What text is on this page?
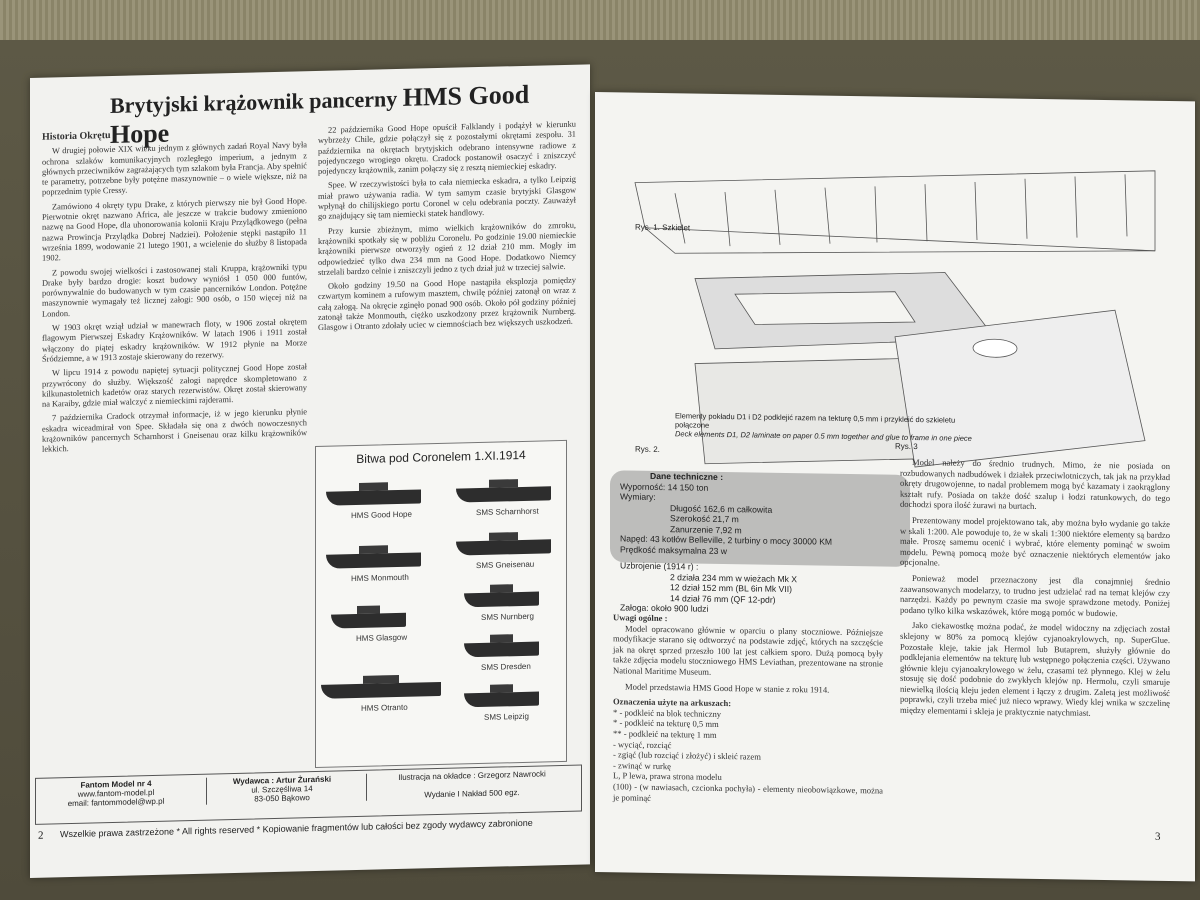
Brytyjski krążownik pancerny HMS Good Hope
Historia Okrętu

W drugiej połowie XIX wieku jednym z głównych zadań Royal Navy była ochrona szlaków komunikacyjnych rozległego imperium, a jednym z głównych przeciwników zagrażających tym szlakom była Francja. Aby spełnić te parametry, potrzebne były potężne maszynownie – o wiele większe, niż na poprzednim typie Cressy.

Zamówiono 4 okręty typu Drake, z których pierwszy nie był Good Hope. Pierwotnie okręt nazwano Africa, ale jeszcze w trakcie budowy zmieniono nazwę na Good Hope, dla uhonorowania kolonii Kraju Przylądkowego (pełna nazwa Prowincja Przylądka Dobrej Nadziei). Położenie stępki nastąpiło 11 września 1899, wodowanie 21 lutego 1901, a wcielenie do służby 8 listopada 1902.

Z powodu swojej wielkości i zastosowanej stali Kruppa, krążowniki typu Drake były bardzo drogie: koszt budowy wyniósł 1 050 000 funtów, porównywalnie do budowanych w tym czasie pancerników London. Potężne maszynownie wymagały też licznej załogi: 900 osób, o 150 więcej niż na London.

W 1903 okręt wziął udział w manewrach floty, w 1906 został okrętem flagowym Pierwszej Eskadry Krążowników. W latach 1906 i 1911 został włączony do piątej eskadry krążowników. W 1912 płynie na Morze Śródziemne, a w 1913 zostaje skierowany do rezerwy.

W lipcu 1914 z powodu napiętej sytuacji politycznej Good Hope został przywrócony do służby. Większość załogi naprędce skompletowano z kilkunastoletnich kadetów oraz starych rezerwistów. Okręt został skierowany na Karaiby, gdzie miał walczyć z niemieckimi rajderami.

7 października Cradock otrzymał informacje, iż w jego kierunku płynie eskadra wiceadmirał von Spee. Składała się ona z dwóch nowoczesnych krążowników pancernych Scharnhorst i Gneisenau oraz kilku krążowników lekkich.

22 października Good Hope opuścił Falklandy i podążył w kierunku wybrzeży Chile, gdzie połączył się z pozostałymi okrętami zespołu. 31 października na okrętach brytyjskich odebrano intensywne radiowe z pojedynczego wrogiego okrętu. Cradock postanowił osaczyć i zniszczyć pojedynczy krążownik, zanim połączy się z resztą niemieckiej eskadry.

Spee. W rzeczywistości była to cała niemiecka eskadra, a tylko Leipzig miał prawo używania radia. W tym samym czasie brytyjski Glasgow wpłynął do chilijskiego portu Coronel w celu odebrania poczty. Zauważył go znajdujący się tam niemiecki statek handlowy.

Przy kursie zbieżnym, mimo wielkich krążowników do zmroku, krążowniki spotkały się w pobliżu Coronelu. Po godzinie 19.00 niemieckie krążowniki pierwsze otworzyły ogień z 12 dział 210 mm. Mogły im odpowiedzieć tylko dwa 234 mm na Good Hope. Dodatkowo Niemcy strzelali bardzo celnie i zniszczyli jedno z tych dział już w trzeciej salwie.

Około godziny 19.50 na Good Hope nastąpiła eksplozja pomiędzy czwartym kominem a rufowym masztem, chwilę później zatonął on wraz z całą załogą. Na okręcie zginęło ponad 900 osób. Około pół godziny później zatonął także Monmouth, ciężko uszkodzony przez krążownik Nurnberg. Glasgow i Otranto zdołały uciec w ciemnościach bez większych uszkodzeń.

Bitwa pod Coronelem 1.XI.1914
HMS Good Hope
HMS Monmouth
HMS Glasgow
HMS Otranto
SMS Scharnhorst
SMS Gneisenau
SMS Nurnberg
SMS Dresden
SMS Leipzig
Fantom Model nr 4
www.fantom-model.pl
email: fantommodel@wp.pl
Wydawca : Artur Żurański
ul. Szczęśliwa 14
83-050 Bąkowo
Ilustracja na okładce : Grzegorz Nawrocki

Wydanie I Nakład 500 egz.
Wszelkie prawa zastrzeżone * All rights reserved * Kopiowanie fragmentów lub całości bez zgody wydawcy zabronione
2
Rys. 1. Szkielet
Elementy pokładu D1 i D2 podklejić razem na tekturę 0,5 mm i przykleić do szkieletu połączone
Deck elements D1, D2 laminate on paper 0.5 mm together and glue to frame in one piece
Rys. 2.	Rys. 3
Dane techniczne :
Wyporność: 14 150 ton
Wymiary:
Długość 162,6 m całkowita
Szerokość 21,7 m
Zanurzenie 7,92 m
Napęd: 43 kotłów Belleville, 2 turbiny o mocy 30000 KM
Prędkość maksymalna 23 w
Uzbrojenie (1914 r) :
2 działa 234 mm w wieżach Mk X
12 dział 152 mm (BL 6in Mk VII)
14 dział 76 mm (QF 12-pdr)
Załoga: około 900 ludzi
Uwagi ogólne :

Model opracowano głównie w oparciu o plany stoczniowe. Późniejsze modyfikacje starano się odtworzyć na podstawie zdjęć, których na szczęście jak na okręt sprzed przeszło 100 lat jest całkiem sporo. Dużą pomocą były także zdjęcia modelu stoczniowego HMS Leviathan, prezentowane na stronie National Maritime Museum.

Model przedstawia HMS Good Hope w stanie z roku 1914.

Oznaczenia użyte na arkuszach:
* - podkleić na blok techniczny
* - podkleić na tekturę 0,5 mm
** - podkleić na tekturę 1 mm
- wyciąć, rozciąć
- zgiąć (lub rozciąć i złożyć) i skleić razem
- zwinąć w rurkę
L, P lewa, prawa strona modelu
(100) - (w nawiasach, czcionka pochyła) - elementy nieobowiązkowe, można je pominąć

Model należy do średnio trudnych. Mimo, że nie posiada on rozbudowanych nadbudówek i działek przeciwlotniczych, tak jak na przykład okręty drugowojenne, to nadal problemem mogą być kazamaty i zaokrąglony kształt rufy. Posiada on także dość szalup i łodzi ratunkowych, do tego dochodzi spora ilość żurawi na burtach.

Prezentowany model projektowano tak, aby można było wydanie go także w skali 1:200. Ale powoduje to, że w skali 1:300 niektóre elementy są bardzo małe. Proszę samemu ocenić i wybrać, które elementy pominąć w swoim modelu. Pewną pomocą może być oznaczenie niektórych elementów jako opcjonalne.

Ponieważ model przeznaczony jest dla conajmniej średnio zaawansowanych modelarzy, to trudno jest udzielać rad na temat klejów czy narzędzi. Każdy po pewnym czasie ma swoje sprawdzone metody. Poniżej podano tylko kilka wskazówek, które mogą pomóc w budowie.

Jako ciekawostkę można podać, że model widoczny na zdjęciach został sklejony w 80% za pomocą klejów cyjanoakrylowych, np. SuperGlue. Pozostałe kleje, takie jak Hermol lub Butaprem, służyły głównie do podklejania elementów na tekturę lub wstępnego połączenia części. Używano głównie kleju cyjanoakrylowego w żelu, czasami też płynnego. Klej w żelu stosuję się dość podobnie do zwykłych klejów np. Hermolu, czyli smaruje niewielką ilością kleju jeden element i łączy z drugim. Zaletą jest możliwość poprawki, czyli trzeba mieć już nieco wprawy. Wiedy klej wnika w szczelinę między elementami i skleja je praktycznie natychmiast.

3
